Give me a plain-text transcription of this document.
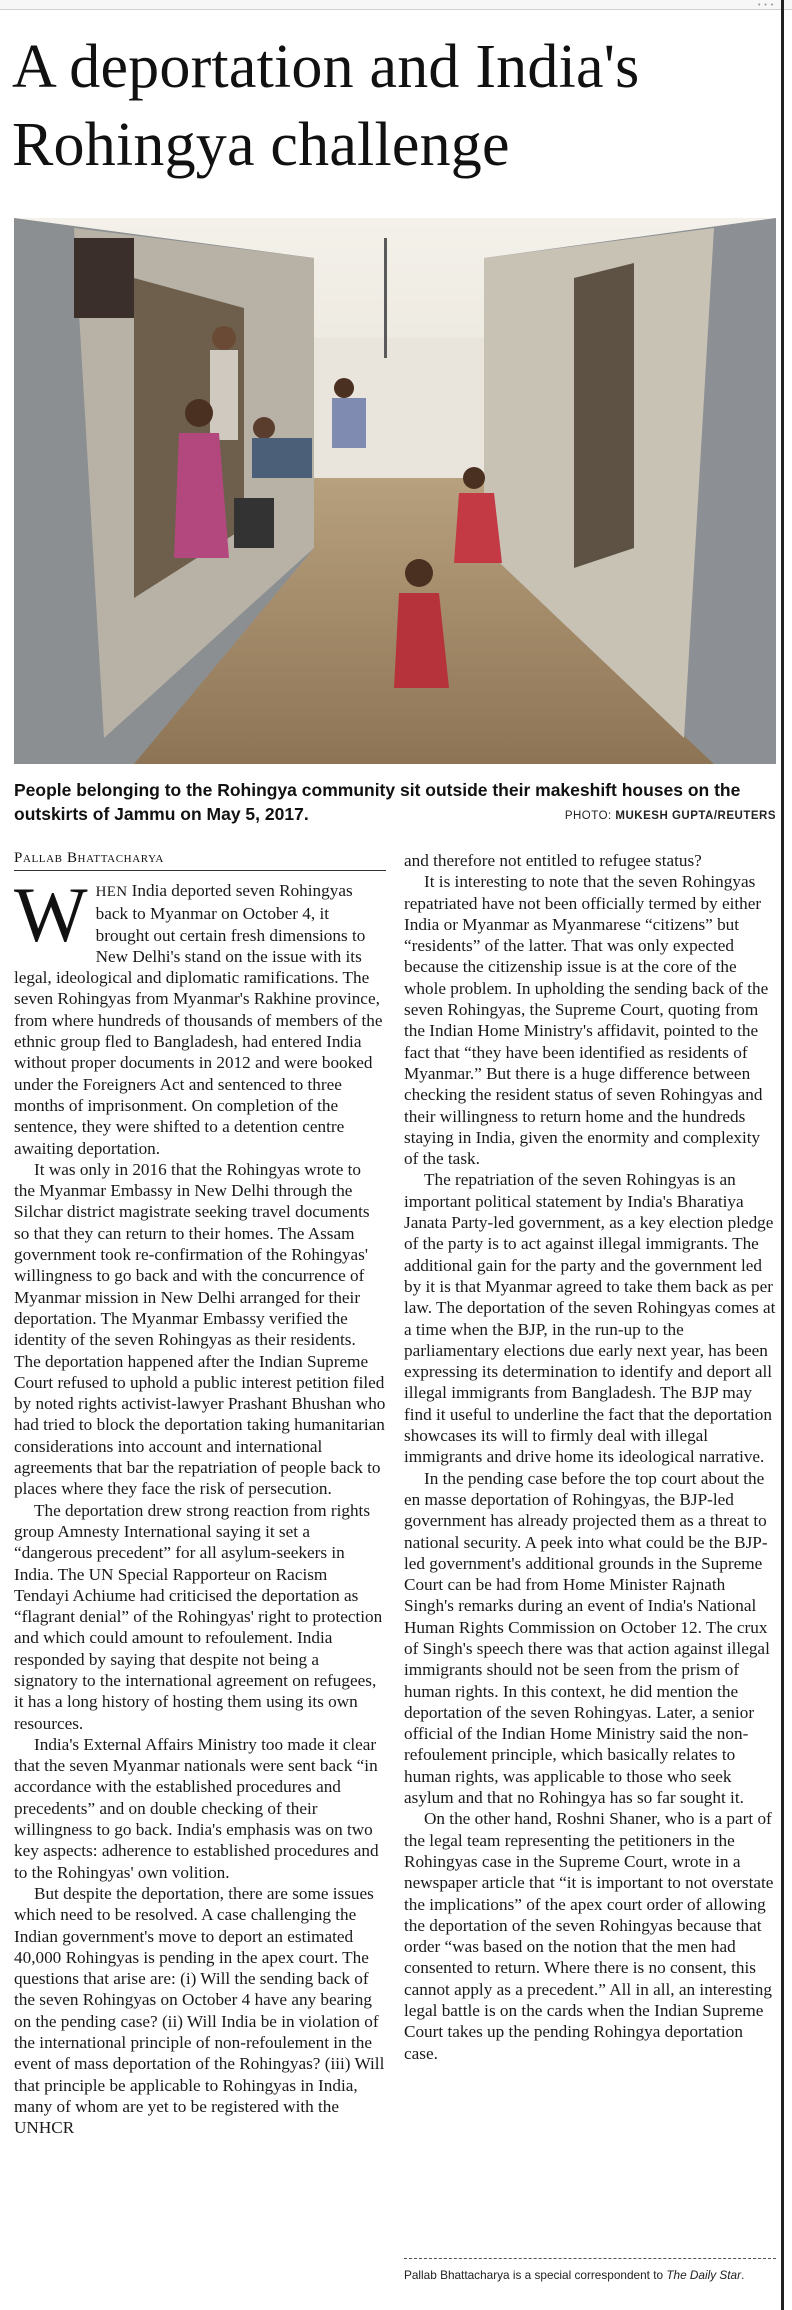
• • •
A deportation and India's Rohingya challenge
People belonging to the Rohingya community sit outside their makeshift houses on the outskirts of Jammu on May 5, 2017.	PHOTO: MUKESH GUPTA/REUTERS
Pallab Bhattacharya

WHEN India deported seven Rohingyas back to Myanmar on October 4, it brought out certain fresh dimensions to New Delhi's stand on the issue with its legal, ideological and diplomatic ramifications. The seven Rohingyas from Myanmar's Rakhine province, from where hundreds of thousands of members of the ethnic group fled to Bangladesh, had entered India without proper documents in 2012 and were booked under the Foreigners Act and sentenced to three months of imprisonment. On completion of the sentence, they were shifted to a detention centre awaiting deportation.

It was only in 2016 that the Rohingyas wrote to the Myanmar Embassy in New Delhi through the Silchar district magistrate seeking travel documents so that they can return to their homes. The Assam government took re-confirmation of the Rohingyas' willingness to go back and with the concurrence of Myanmar mission in New Delhi arranged for their deportation. The Myanmar Embassy verified the identity of the seven Rohingyas as their residents. The deportation happened after the Indian Supreme Court refused to uphold a public interest petition filed by noted rights activist-lawyer Prashant Bhushan who had tried to block the deportation taking humanitarian considerations into account and international agreements that bar the repatriation of people back to places where they face the risk of persecution.

The deportation drew strong reaction from rights group Amnesty International saying it set a “dangerous precedent” for all asylum-seekers in India. The UN Special Rapporteur on Racism Tendayi Achiume had criticised the deportation as “flagrant denial” of the Rohingyas' right to protection and which could amount to refoulement. India responded by saying that despite not being a signatory to the international agreement on refugees, it has a long history of hosting them using its own resources.

India's External Affairs Ministry too made it clear that the seven Myanmar nationals were sent back “in accordance with the established procedures and precedents” and on double checking of their willingness to go back. India's emphasis was on two key aspects: adherence to established procedures and to the Rohingyas' own volition.

But despite the deportation, there are some issues which need to be resolved. A case challenging the Indian government's move to deport an estimated 40,000 Rohingyas is pending in the apex court. The questions that arise are: (i) Will the sending back of the seven Rohingyas on October 4 have any bearing on the pending case? (ii) Will India be in violation of the international principle of non-refoulement in the event of mass deportation of the Rohingyas? (iii) Will that principle be applicable to Rohingyas in India, many of whom are yet to be registered with the UNHCR

and therefore not entitled to refugee status?

It is interesting to note that the seven Rohingyas repatriated have not been officially termed by either India or Myanmar as Myanmarese “citizens” but “residents” of the latter. That was only expected because the citizenship issue is at the core of the whole problem. In upholding the sending back of the seven Rohingyas, the Supreme Court, quoting from the Indian Home Ministry's affidavit, pointed to the fact that “they have been identified as residents of Myanmar.” But there is a huge difference between checking the resident status of seven Rohingyas and their willingness to return home and the hundreds staying in India, given the enormity and complexity of the task.

The repatriation of the seven Rohingyas is an important political statement by India's Bharatiya Janata Party-led government, as a key election pledge of the party is to act against illegal immigrants. The additional gain for the party and the government led by it is that Myanmar agreed to take them back as per law. The deportation of the seven Rohingyas comes at a time when the BJP, in the run-up to the parliamentary elections due early next year, has been expressing its determination to identify and deport all illegal immigrants from Bangladesh. The BJP may find it useful to underline the fact that the deportation showcases its will to firmly deal with illegal immigrants and drive home its ideological narrative.

In the pending case before the top court about the en masse deportation of Rohingyas, the BJP-led government has already projected them as a threat to national security. A peek into what could be the BJP-led government's additional grounds in the Supreme Court can be had from Home Minister Rajnath Singh's remarks during an event of India's National Human Rights Commission on October 12. The crux of Singh's speech there was that action against illegal immigrants should not be seen from the prism of human rights. In this context, he did mention the deportation of the seven Rohingyas. Later, a senior official of the Indian Home Ministry said the non-refoulement principle, which basically relates to human rights, was applicable to those who seek asylum and that no Rohingya has so far sought it.

On the other hand, Roshni Shaner, who is a part of the legal team representing the petitioners in the Rohingyas case in the Supreme Court, wrote in a newspaper article that “it is important to not overstate the implications” of the apex court order of allowing the deportation of the seven Rohingyas because that order “was based on the notion that the men had consented to return. Where there is no consent, this cannot apply as a precedent.” All in all, an interesting legal battle is on the cards when the Indian Supreme Court takes up the pending Rohingya deportation case.

Pallab Bhattacharya is a special correspondent to The Daily Star.
